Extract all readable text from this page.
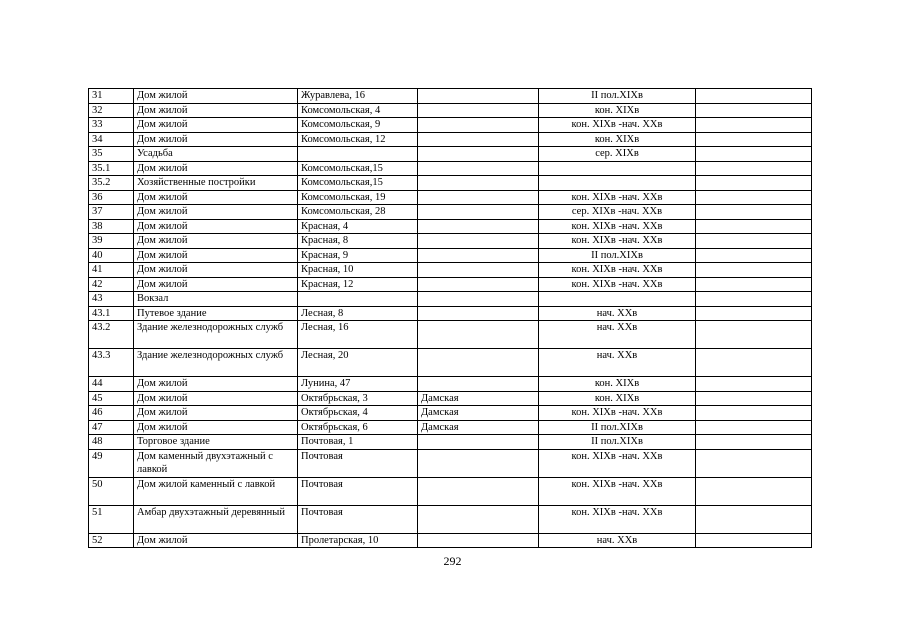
31	Дом жилой	Журавлева, 16		II пол.XIXв	
32	Дом жилой	Комсомольская, 4		кон. XIXв	
33	Дом жилой	Комсомольская, 9		кон. XIXв -нач. XXв	
34	Дом жилой	Комсомольская, 12		кон. XIXв	
35	Усадьба			сер. XIXв	
35.1	Дом жилой	Комсомольская,15			
35.2	Хозяйственные постройки	Комсомольская,15			
36	Дом жилой	Комсомольская, 19		кон. XIXв -нач. XXв	
37	Дом жилой	Комсомольская, 28		сер. XIXв -нач. XXв	
38	Дом жилой	Красная, 4		кон. XIXв -нач. XXв	
39	Дом жилой	Красная, 8		кон. XIXв -нач. XXв	
40	Дом жилой	Красная, 9		II пол.XIXв	
41	Дом жилой	Красная, 10		кон. XIXв -нач. XXв	
42	Дом жилой	Красная, 12		кон. XIXв -нач. XXв	
43	Вокзал				
43.1	Путевое здание	Лесная, 8		нач. XXв	
43.2	Здание железнодорожных служб	Лесная, 16		нач. XXв	
43.3	Здание железнодорожных служб	Лесная, 20		нач. XXв	
44	Дом жилой	Лунина, 47		кон. XIXв	
45	Дом жилой	Октябрьская, 3	Дамская	кон. XIXв	
46	Дом жилой	Октябрьская, 4	Дамская	кон. XIXв -нач. XXв	
47	Дом жилой	Октябрьская, 6	Дамская	II пол.XIXв	
48	Торговое здание	Почтовая, 1		II пол.XIXв	
49	Дом каменный двухэтажный с лавкой	Почтовая		кон. XIXв -нач. XXв	
50	Дом жилой каменный с лавкой	Почтовая		кон. XIXв -нач. XXв	
51	Амбар двухэтажный деревянный	Почтовая		кон. XIXв -нач. XXв	
52	Дом жилой	Пролетарская, 10		нач. XXв	
292
